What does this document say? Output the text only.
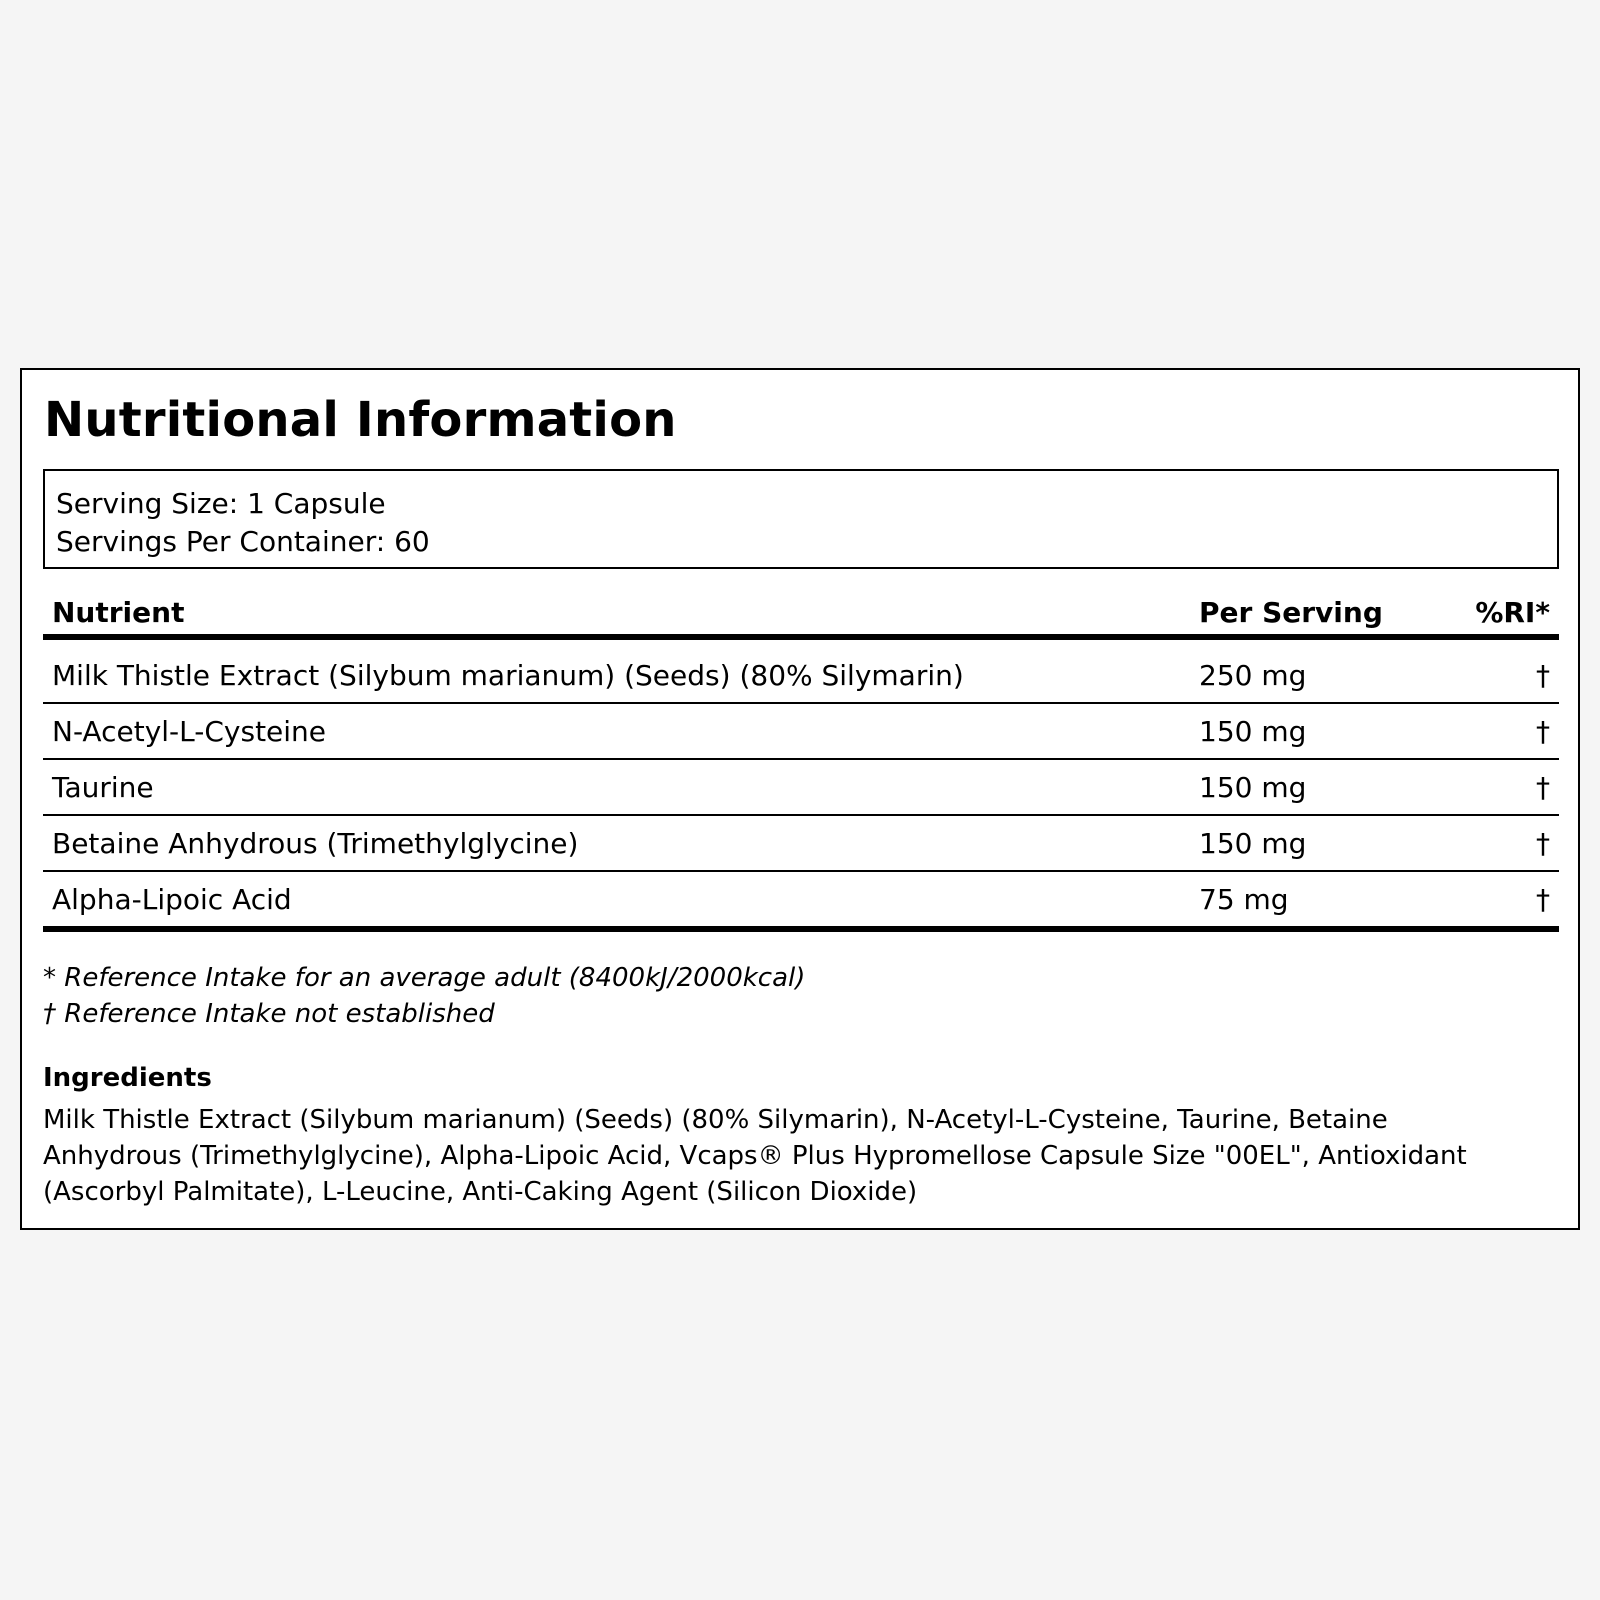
Nutritional Information
Serving Size: 1 Capsule
Servings Per Container: 60
Nutrient	Per Serving	%RI*

Milk Thistle Extract (Silybum marianum) (Seeds) (80% Silymarin)	250 mg	†
N-Acetyl-L-Cysteine	150 mg	†
Taurine	150 mg	†
Betaine Anhydrous (Trimethylglycine)	150 mg	†
Alpha-Lipoic Acid	75 mg	†
* Reference Intake for an average adult (8400kJ/2000kcal)
† Reference Intake not established
Ingredients

Milk Thistle Extract (Silybum marianum) (Seeds) (80% Silymarin), N-Acetyl-L-Cysteine, Taurine, Betaine Anhydrous (Trimethylglycine), Alpha-Lipoic Acid, Vcaps® Plus Hypromellose Capsule Size "00EL", Antioxidant (Ascorbyl Palmitate), L-Leucine, Anti-Caking Agent (Silicon Dioxide)
